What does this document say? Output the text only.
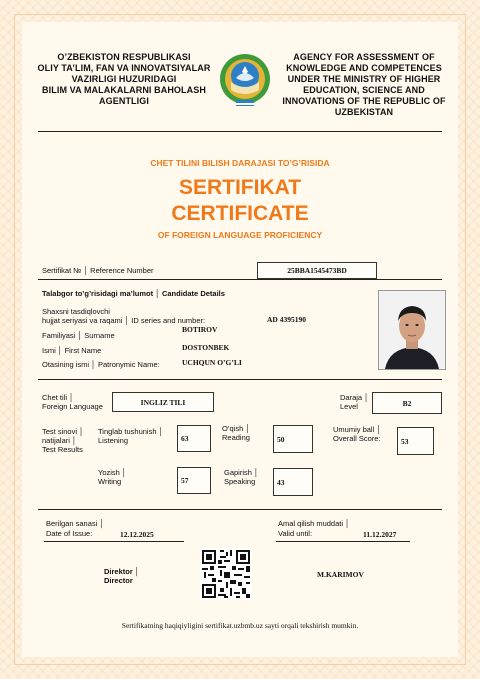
O’ZBEKISTON RESPUBLIKASI
OLIY TA’LIM, FAN VA INNOVATSIYALAR
VAZIRLIGI HUZURIDAGI
BILIM VA MALAKALARNI BAHOLASH
AGENTLIGI
AGENCY FOR ASSESSMENT OF
KNOWLEDGE AND COMPETENCES
UNDER THE MINISTRY OF HIGHER
EDUCATION, SCIENCE AND
INNOVATIONS OF THE REPUBLIC OF
UZBEKISTAN
CHET TILINI BILISH DARAJASI TO’G’RISIDA
SERTIFIKAT
CERTIFICATE
OF FOREIGN LANGUAGE PROFICIENCY
Sertifikat № │ Reference Number	25BBA1545473BD
Talabgor to’g’risidagi ma’lumot │ Candidate Details
Shaxsni tasdiqlovchi
hujjat seriyasi va raqami │ ID series and number:	AD 4395190
Familiyasi │ Surname
BOTIROV
Ismi │ First Name	DOSTONBEK
Otasining ismi │ Patronymic Name:	UCHQUN O’G’LI
Chet tili │
Foreign Language	INGLIZ TILI	Daraja │
Level	B2
Test sinovi │
natijalari │
Test Results
Tinglab tushunish │
Listening	63
O’qish │
Reading	50
Umumiy ball │
Overall Score:	53
Yozish │
Writing	57
Gapirish │
Speaking	43
Berilgan sanasi │
Date of Issue:	12.12.2025
Amal qilish muddati │
Valid until:	11.12.2027
Direktor │
Director
M.KARIMOV
Sertifikatning haqiqiyligini sertifikat.uzbmb.uz sayti orqali tekshirish mumkin.
